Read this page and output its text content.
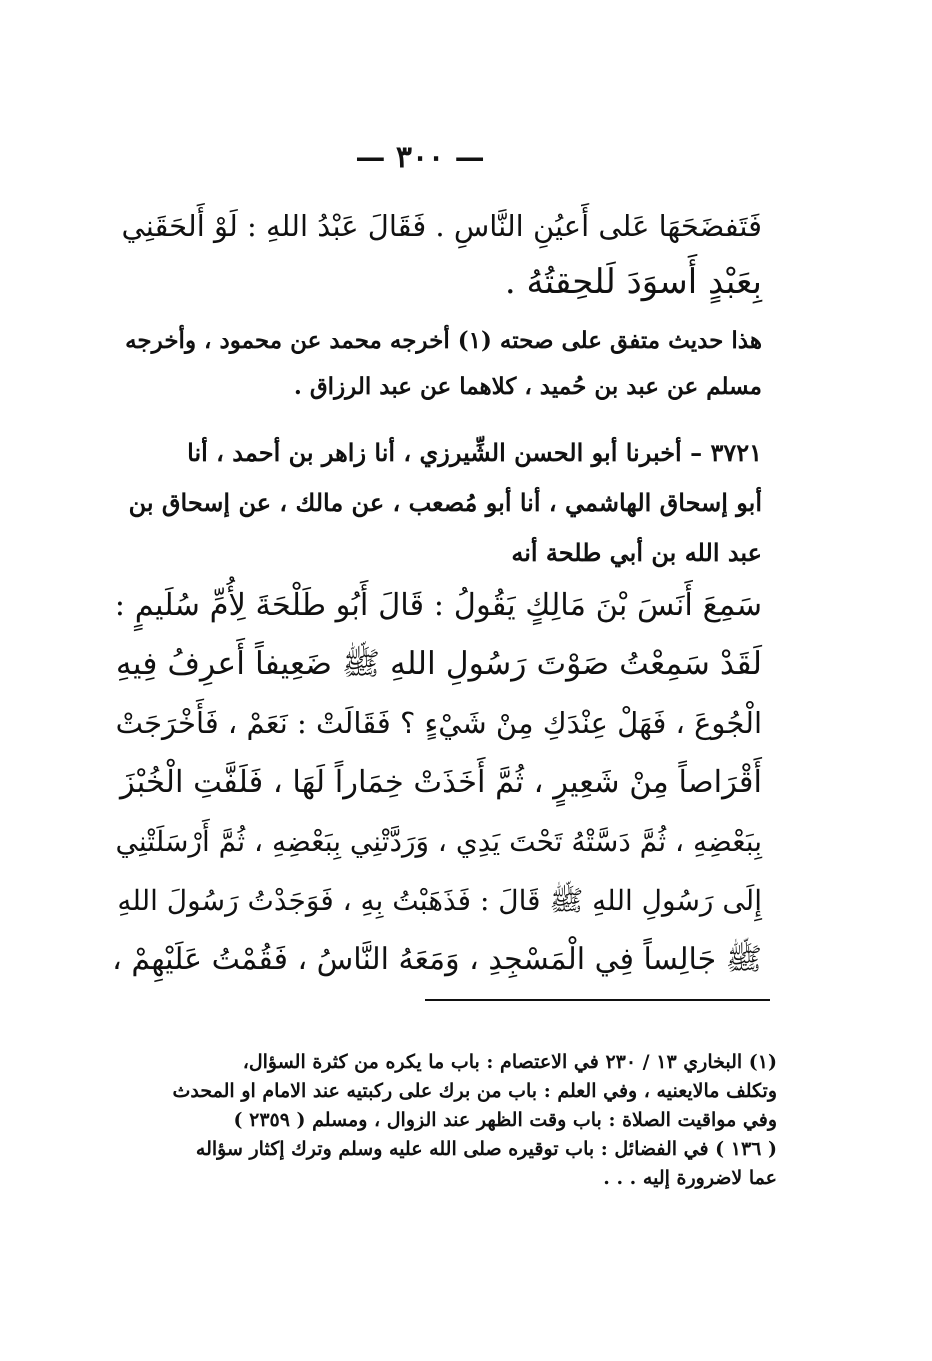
— ٣٠٠ —
فَتَفضَحَهَا عَلى أَعيُنِ النَّاسِ . فَقَالَ عَبْدُ اللهِ : لَوْ أَلحَقَنِي
بِعَبْدٍ أَسوَدَ لَلحِقتُهُ .
هذا حديث متفق على صحته (١) أخرجه محمد عن محمود ، وأخرجه
مسلم عن عبد بن حُميد ، كلاهما عن عبد الرزاق .
٣٧٢١ – أخبرنا أبو الحسن الشِّيرزي ، أنا زاهر بن أحمد ، أنا
أبو إسحاق الهاشمي ، أنا أبو مُصعب ، عن مالك ، عن إسحاق بن
عبد الله بن أبي طلحة أنه
سَمِعَ أَنَسَ بْنَ مَالِكٍ يَقُولُ : قَالَ أَبُو طَلْحَةَ لِأُمِّ سُلَيمٍ :
لَقَدْ سَمِعْتُ صَوْتَ رَسُولِ اللهِ ﷺ ضَعِيفاً أَعرِفُ فِيهِ
الْجُوعَ ، فَهَلْ عِنْدَكِ مِنْ شَيْءٍ ؟ فَقَالَتْ : نَعَمْ ، فَأَخْرَجَتْ
أَقْرَاصاً مِنْ شَعِيرٍ ، ثُمَّ أَخَذَتْ خِمَاراً لَهَا ، فَلَفَّتِ الْخُبْزَ
بِبَعْضِهِ ، ثُمَّ دَسَّتْهُ تَحْتَ يَدِي ، وَرَدَّتْنِي بِبَعْضِهِ ، ثُمَّ أَرْسَلَتْنِي
إِلَى رَسُولِ اللهِ ﷺ قَالَ : فَذَهَبْتُ بِهِ ، فَوَجَدْتُ رَسُولَ اللهِ
ﷺ جَالِساً فِي الْمَسْجِدِ ، وَمَعَهُ النَّاسُ ، فَقُمْتُ عَلَيْهِمْ ،
(١) البخاري ١٣ / ٢٣٠ في الاعتصام : باب ما يكره من كثرة السؤال،
وتكلف مالايعنيه ، وفي العلم : باب من برك على ركبتيه عند الامام او المحدث
وفي مواقيت الصلاة : باب وقت الظهر عند الزوال ، ومسلم ( ٢٣٥٩ )
( ١٣٦ ) في الفضائل : باب توقيره صلى الله عليه وسلم وترك إكثار سؤاله
عما لاضرورة إليه . . .
